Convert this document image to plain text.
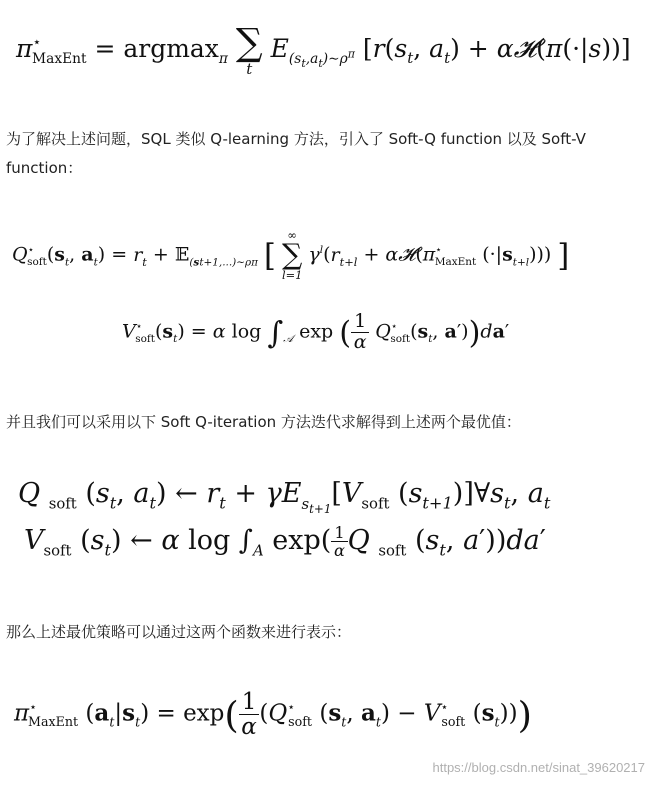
$\pi^⋆_{MaxEnt} = argmax_\pi$ ∑
t
$E_{(s_t,a_t)\sim\rho^\pi}$ [$r(s_t$, $a_t$) + α𝓗(π(·|s))]
为了解决上述问题，SQL 类似 Q-learning 方法，引入了 Soft-Q function 以及 Soft-V function：
$Q^⋆_{soft}(s_t$, $a_t) = r_t$ + 𝔼$_{(st+1,...)\sim\rho\pi}$ [
∞
∑
l=1
$\gamma^l(r_{t+l}$ + $\alpha 𝓗(\pi^⋆_{MaxEnt}$ $(\cdot|s_{t+l})$)) ]
$V^⋆_{soft}(s_t) = \alpha$ $\log \int_𝒜$ exp ( $\frac{1}{\alpha} Q^⋆_{soft}(s_t$, a′))da′
并且我们可以采用以下 Soft Q-iteration 方法迭代求解得到上述两个最优值：
Q $_{soft}$ ($s_t$, $a_t$) ← $r_t + \gamma E_{s_{t+1}}[V_{soft}$ $(s_{t+1})]\forall s_t$, $a_t$
$V_{soft}$ $(s_t)$ ← α $\log \int_A$ $\exp( \frac{1}{\alpha}$ Q $_{soft}$ ($s_t$, a′))da′
那么上述最优策略可以通过这两个函数来进行表示：
$\pi^⋆_{MaxEnt}$ $(a_t|s_t) = \exp( \frac{1}{\alpha} (Q^⋆_{soft}$ ($s_t$, $a_t) - V^⋆_{soft}$ $(s_t)$))
https://blog.csdn.net/sinat_39620217
